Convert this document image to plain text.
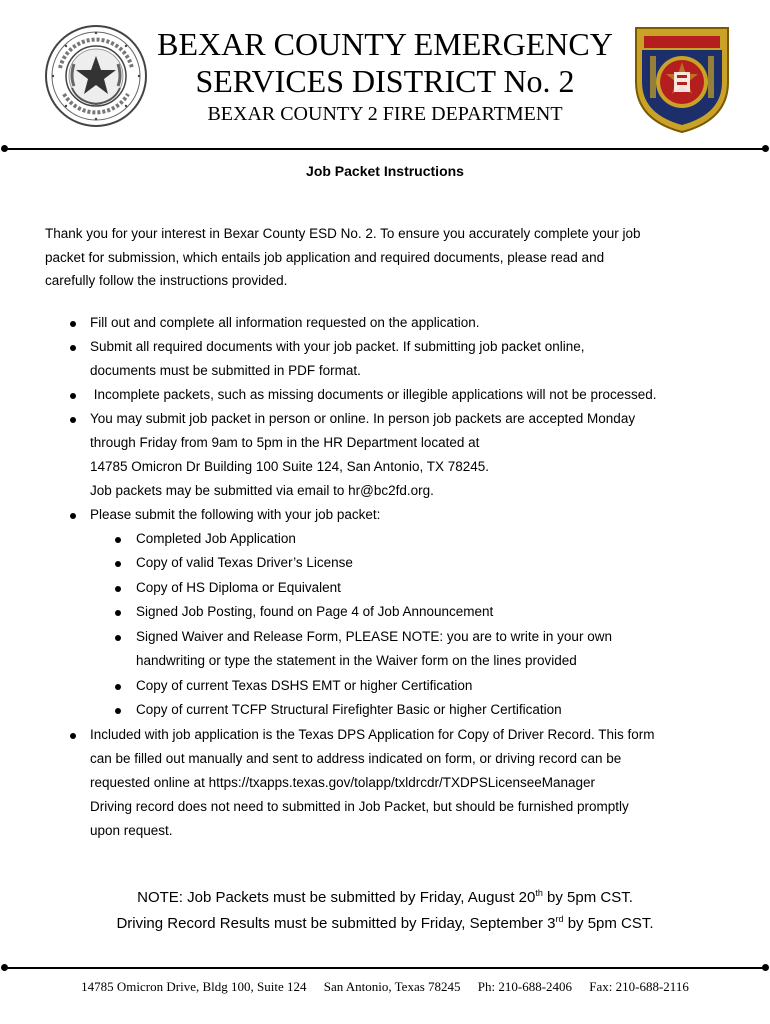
BEXAR COUNTY EMERGENCY
SERVICES DISTRICT No. 2
BEXAR COUNTY 2 FIRE DEPARTMENT
Job Packet Instructions

Thank you for your interest in Bexar County ESD No. 2. To ensure you accurately complete your job
packet for submission, which entails job application and required documents, please read and
carefully follow the instructions provided.

Fill out and complete all information requested on the application.
Submit all required documents with your job packet. If submitting job packet online,
documents must be submitted in PDF format.
Incomplete packets, such as missing documents or illegible applications will not be processed.
You may submit job packet in person or online. In person job packets are accepted Monday
through Friday from 9am to 5pm in the HR Department located at
14785 Omicron Dr Building 100 Suite 124, San Antonio, TX 78245.
Job packets may be submitted via email to hr@bc2fd.org.
Please submit the following with your job packet:
Completed Job Application
Copy of valid Texas Driver’s License
Copy of HS Diploma or Equivalent
Signed Job Posting, found on Page 4 of Job Announcement
Signed Waiver and Release Form, PLEASE NOTE: you are to write in your own
handwriting or type the statement in the Waiver form on the lines provided
Copy of current Texas DSHS EMT or higher Certification
Copy of current TCFP Structural Firefighter Basic or higher Certification
Included with job application is the Texas DPS Application for Copy of Driver Record. This form
can be filled out manually and sent to address indicated on form, or driving record can be
requested online at https://txapps.texas.gov/tolapp/txldrcdr/TXDPSLicenseeManager
Driving record does not need to submitted in Job Packet, but should be furnished promptly
upon request.
NOTE: Job Packets must be submitted by Friday, August 20th by 5pm CST.
Driving Record Results must be submitted by Friday, September 3rd by 5pm CST.
14785 Omicron Drive, Bldg 100, Suite 124 San Antonio, Texas 78245 Ph: 210-688-2406 Fax: 210-688-2116
